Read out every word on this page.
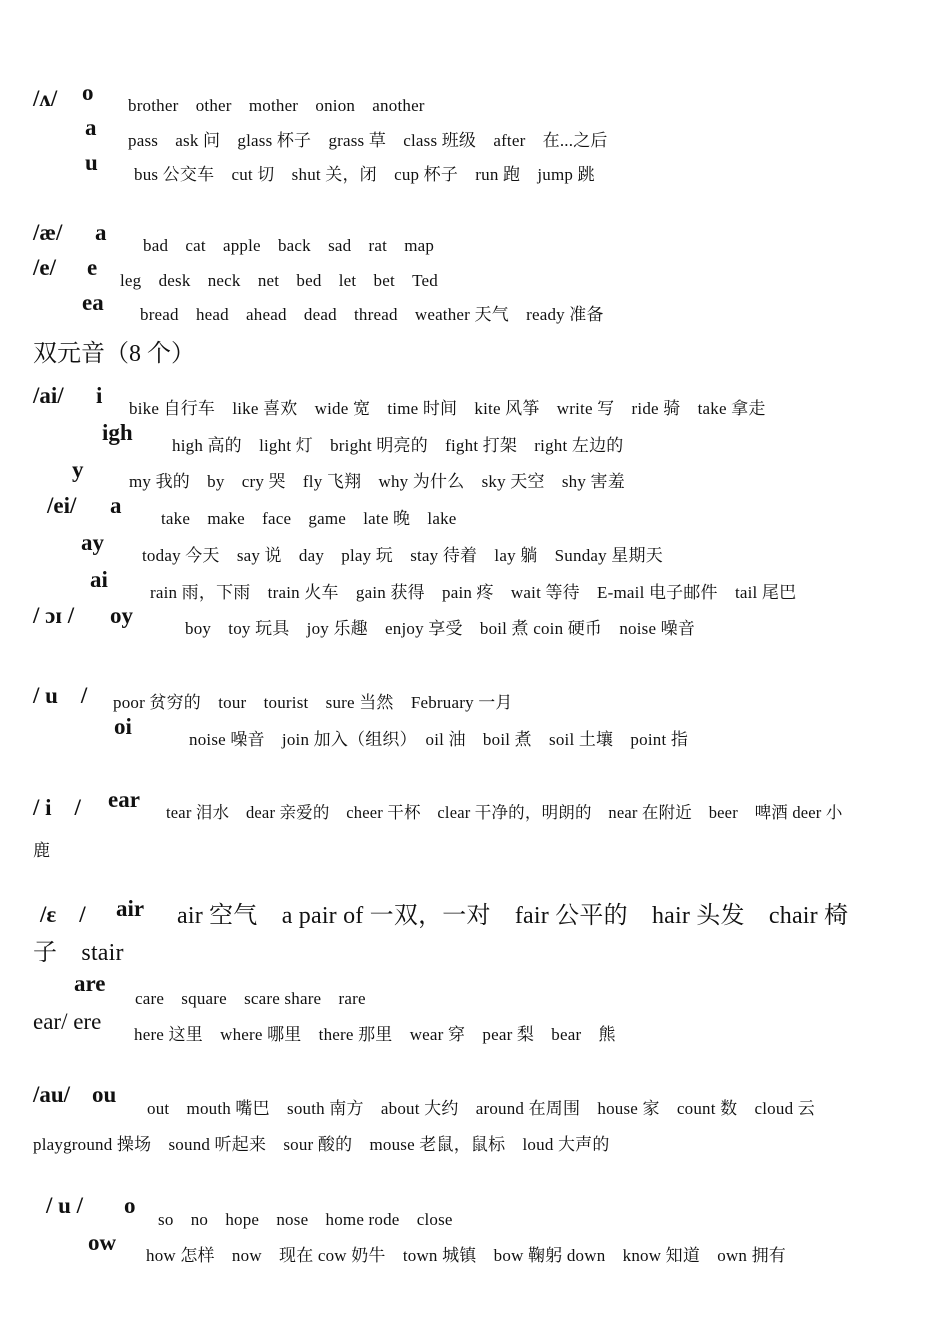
/ʌ/ o
brother　other　mother　onion　another
a
pass　ask 问　glass 杯子　grass 草　class 班级　after　在...之后
u bus 公交车　cut 切　shut 关，闭　cup 杯子　run 跑　jump 跳
/æ/ a
bad　cat　apple　back　sad　rat　map
/e/ e
leg　desk　neck　net　bed　let　bet　Ted
ea bread　head　ahead　dead　thread　weather 天气　ready 准备
双元音（8 个）
/ai/ i
bike 自行车　like 喜欢　wide 宽　time 时间　kite 风筝　write 写　ride 骑　take 拿走
igh
high 高的　light 灯　bright 明亮的　fight 打架　right 左边的
y	my 我的　by　cry 哭　fly 飞翔　why 为什么　sky 天空　shy 害羞
/ei/ a
take　make　face　game　late 晚　lake
ay
today 今天　say 说　day　play 玩　stay 待着　lay 躺　Sunday 星期天
ai
rain 雨，下雨　train 火车　gain 获得　pain 疼　wait 等待　E-mail 电子邮件　tail 尾巴
/ ɔɪ / oy
boy　toy 玩具　joy 乐趣　enjoy 享受　boil 煮 coin 硬币　noise 噪音
/ u　/ poor 贫穷的　tour　tourist　sure 当然　February 一月
oi
noise 噪音　join 加入（组织）　oil 油　boil 煮　soil 土壤　point 指
/ i　/ ear
tear 泪水　dear 亲爱的　cheer 干杯　clear 干净的，明朗的　near 在附近　beer　啤酒 deer 小
鹿
/ε　/ air air 空气　a pair of 一双，一对　fair 公平的　hair 头发　chair 椅
子　stair
are
care　square　scare share　rare
ear/ ere
here 这里　where 哪里　there 那里　wear 穿　pear 梨　bear　熊
/au/ ou
out　mouth 嘴巴　south 南方　about 大约　around 在周围　house 家　count 数　cloud 云
playground 操场　sound 听起来　sour 酸的　mouse 老鼠，鼠标　loud 大声的
/ u / o
so　no　hope　nose　home rode　close
ow
how 怎样　now　现在 cow 奶牛　town 城镇　bow 鞠躬 down　know 知道　own 拥有
